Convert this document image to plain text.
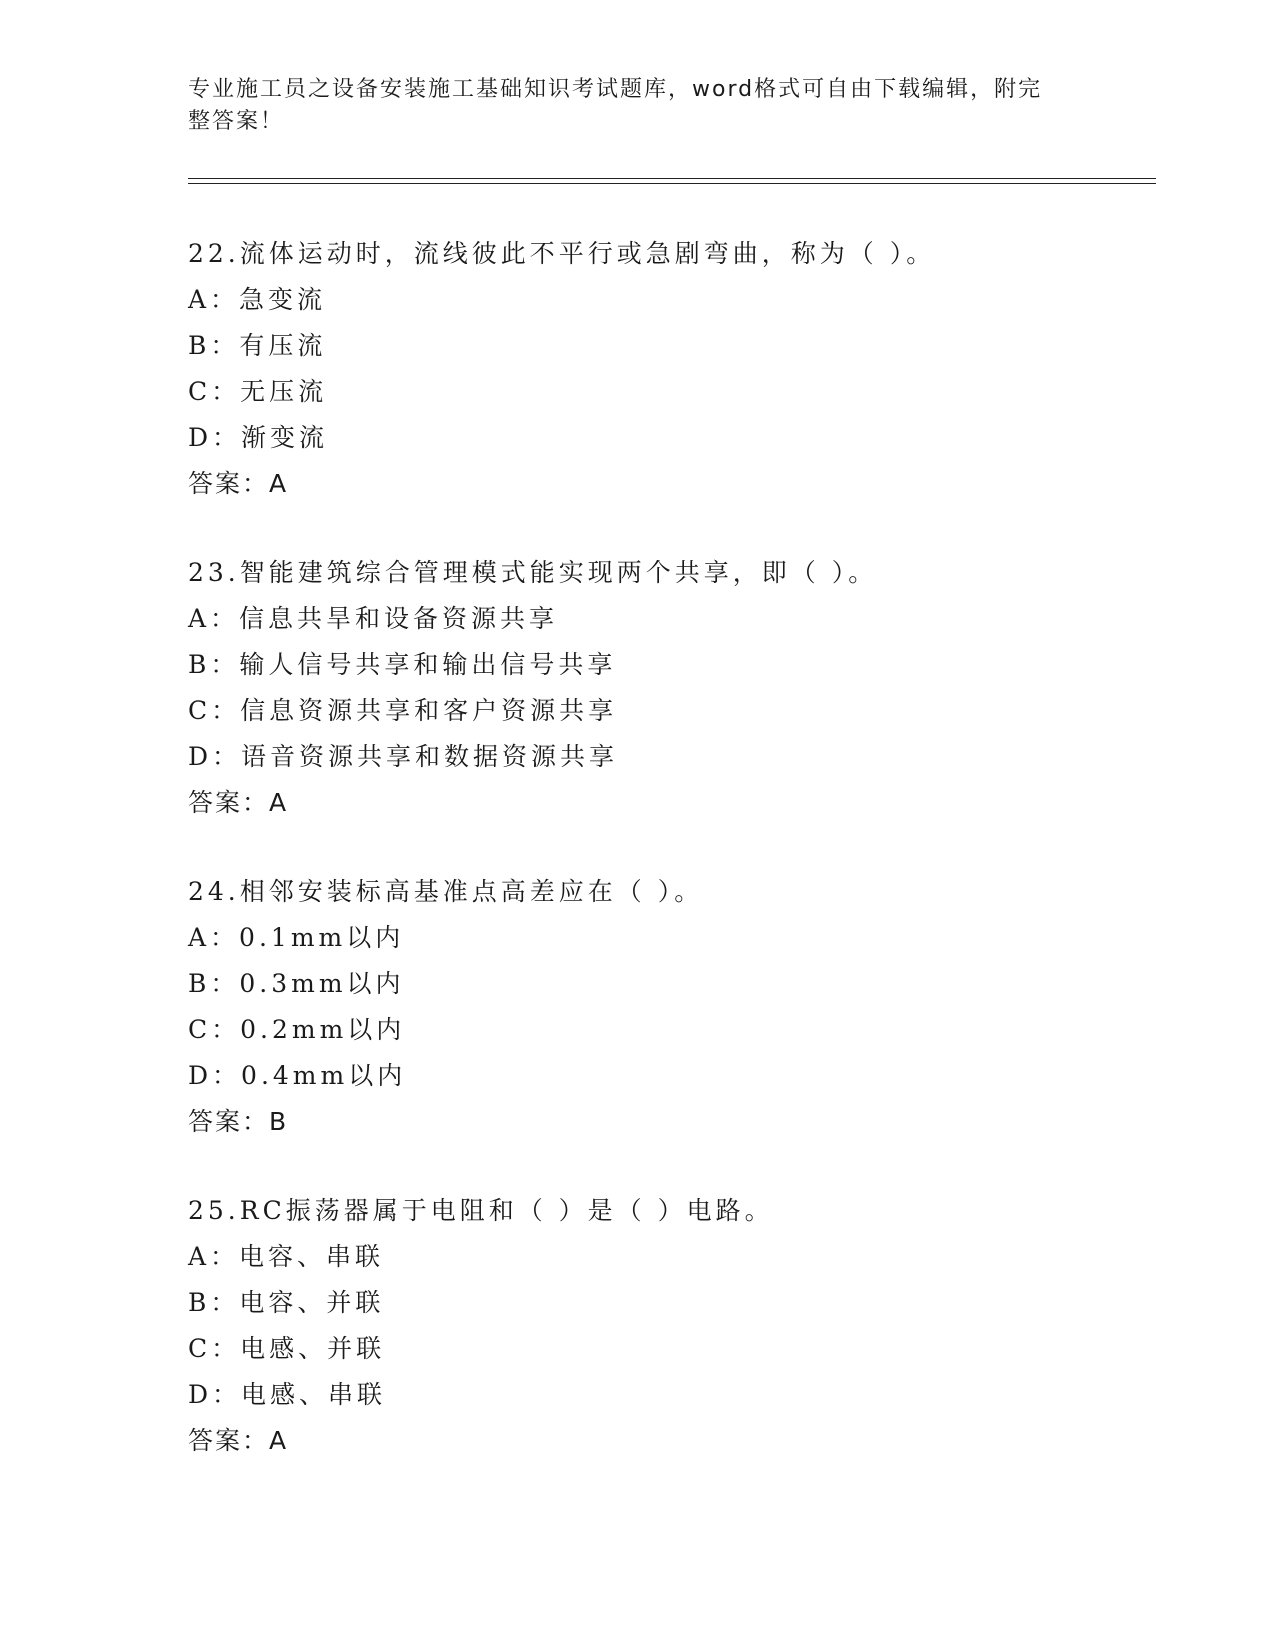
专业施工员之设备安装施工基础知识考试题库，word格式可自由下载编辑，附完
整答案！
22.流体运动时，流线彼此不平行或急剧弯曲，称为（ ）。
A：急变流
B：有压流
C：无压流
D：渐变流
答案：A
23.智能建筑综合管理模式能实现两个共享，即（ ）。
A：信息共旱和设备资源共享
B：输人信号共享和输出信号共享
C：信息资源共享和客户资源共享
D：语音资源共享和数据资源共享
答案：A
24.相邻安装标高基准点高差应在（ ）。
A：0.1mm以内
B：0.3mm以内
C：0.2mm以内
D：0.4mm以内
答案：B
25.RC振荡器属于电阻和（ ）是（ ）电路。
A：电容、串联
B：电容、并联
C：电感、并联
D：电感、串联
答案：A
